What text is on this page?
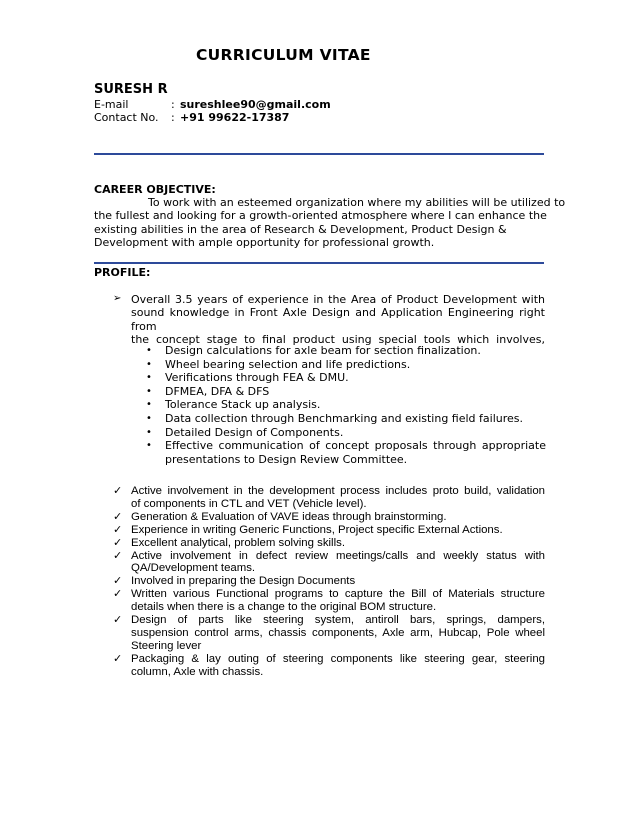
CURRICULUM VITAE
SURESH R
E-mail	: sureshlee90@gmail.com
Contact No. : +91 99622-17387
CAREER OBJECTIVE:
To work with an esteemed organization where my abilities will be utilized to
the fullest and looking for a growth-oriented atmosphere where I can enhance the
existing abilities in the area of Research & Development, Product Design &
Development with ample opportunity for professional growth.
PROFILE:
➢ Overall 3.5 years of experience in the Area of Product Development with
sound knowledge in Front Axle Design and Application Engineering right from
the concept stage to final product using special tools which involves,
• Design calculations for axle beam for section finalization.
• Wheel bearing selection and life predictions.
• Verifications through FEA & DMU.
• DFMEA, DFA & DFS
• Tolerance Stack up analysis.
• Data collection through Benchmarking and existing field failures.
• Detailed Design of Components.
• Effective communication of concept proposals through appropriate
presentations to Design Review Committee.
✓ Active involvement in the development process includes proto build, validation
of components in CTL and VET (Vehicle level).
✓ Generation & Evaluation of VAVE ideas through brainstorming.
✓ Experience in writing Generic Functions, Project specific External Actions.
✓ Excellent analytical, problem solving skills.
✓ Active involvement in defect review meetings/calls and weekly status with
QA/Development teams.
✓ Involved in preparing the Design Documents
✓ Written various Functional programs to capture the Bill of Materials structure
details when there is a change to the original BOM structure.
✓ Design of parts like steering system, antiroll bars, springs, dampers,
suspension control arms, chassis components, Axle arm, Hubcap, Pole wheel
Steering lever
✓ Packaging & lay outing of steering components like steering gear, steering
column, Axle with chassis.
